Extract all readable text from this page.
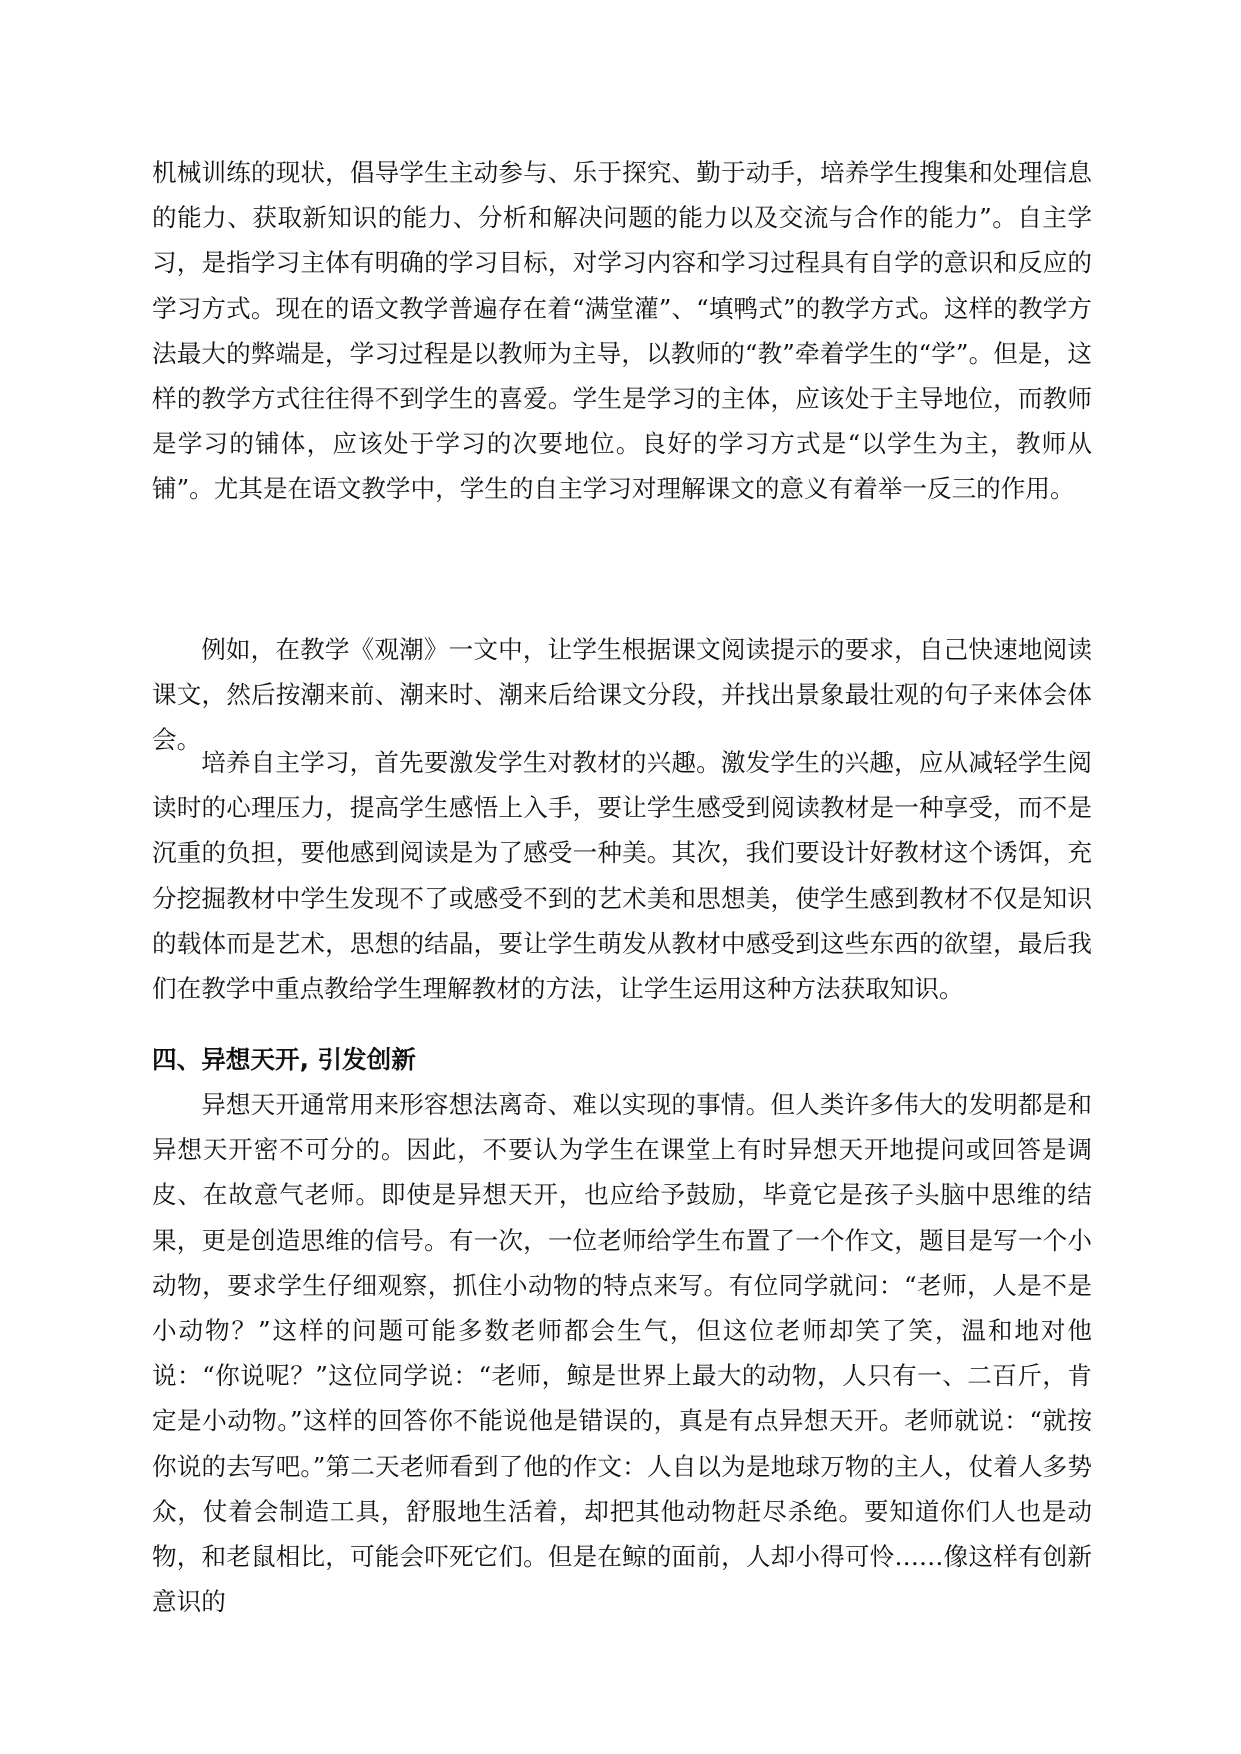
机械训练的现状，倡导学生主动参与、乐于探究、勤于动手，培养学生搜集和处理信息的能力、获取新知识的能力、分析和解决问题的能力以及交流与合作的能力”。自主学习，是指学习主体有明确的学习目标，对学习内容和学习过程具有自学的意识和反应的学习方式。现在的语文教学普遍存在着“满堂灌”、“填鸭式”的教学方式。这样的教学方法最大的弊端是，学习过程是以教师为主导，以教师的“教”牵着学生的“学”。但是，这样的教学方式往往得不到学生的喜爱。学生是学习的主体，应该处于主导地位，而教师是学习的铺体，应该处于学习的次要地位。良好的学习方式是“以学生为主，教师从铺”。尤其是在语文教学中，学生的自主学习对理解课文的意义有着举一反三的作用。

例如，在教学《观潮》一文中，让学生根据课文阅读提示的要求，自己快速地阅读课文，然后按潮来前、潮来时、潮来后给课文分段，并找出景象最壮观的句子来体会体会。

培养自主学习，首先要激发学生对教材的兴趣。激发学生的兴趣，应从减轻学生阅读时的心理压力，提高学生感悟上入手，要让学生感受到阅读教材是一种享受，而不是沉重的负担，要他感到阅读是为了感受一种美。其次，我们要设计好教材这个诱饵，充分挖掘教材中学生发现不了或感受不到的艺术美和思想美，使学生感到教材不仅是知识的载体而是艺术，思想的结晶，要让学生萌发从教材中感受到这些东西的欲望，最后我们在教学中重点教给学生理解教材的方法，让学生运用这种方法获取知识。

四、异想天开, 引发创新

异想天开通常用来形容想法离奇、难以实现的事情。但人类许多伟大的发明都是和异想天开密不可分的。因此，不要认为学生在课堂上有时异想天开地提问或回答是调皮、在故意气老师。即使是异想天开，也应给予鼓励，毕竟它是孩子头脑中思维的结果，更是创造思维的信号。有一次，一位老师给学生布置了一个作文，题目是写一个小动物，要求学生仔细观察，抓住小动物的特点来写。有位同学就问：“老师，人是不是小动物？”这样的问题可能多数老师都会生气，但这位老师却笑了笑，温和地对他说：“你说呢？”这位同学说：“老师，鲸是世界上最大的动物，人只有一、二百斤，肯定是小动物。”这样的回答你不能说他是错误的，真是有点异想天开。老师就说：“就按你说的去写吧。”第二天老师看到了他的作文：人自以为是地球万物的主人，仗着人多势众，仗着会制造工具，舒服地生活着，却把其他动物赶尽杀绝。要知道你们人也是动物，和老鼠相比，可能会吓死它们。但是在鲸的面前，人却小得可怜……像这样有创新意识的
